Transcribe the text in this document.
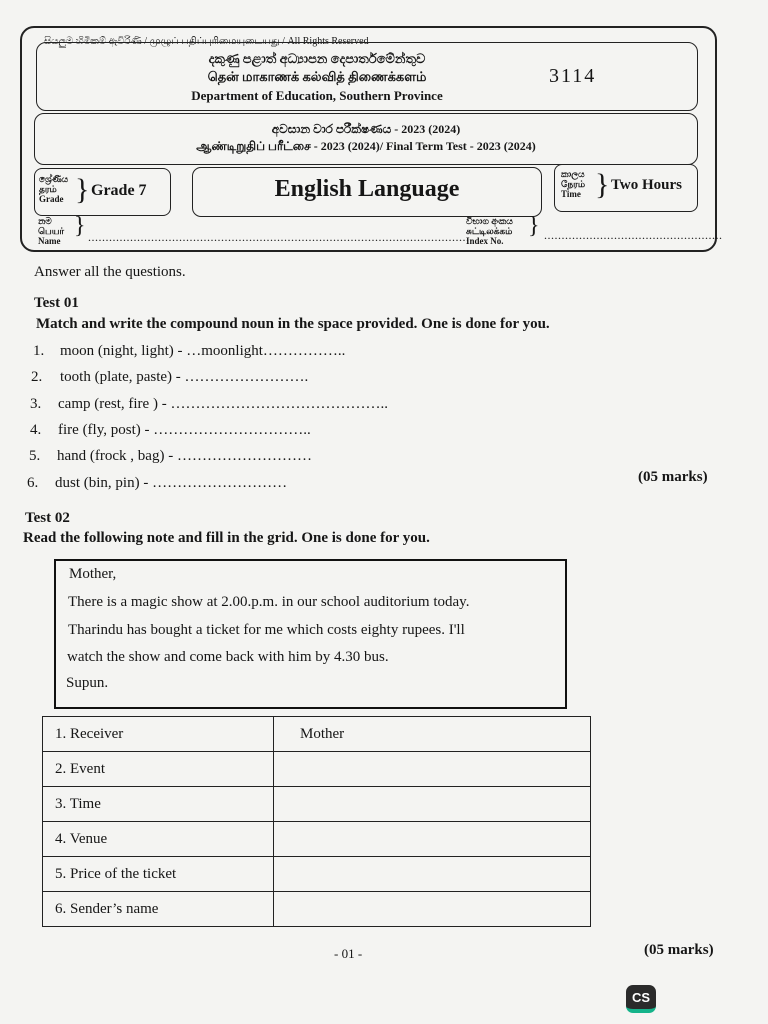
සියලුම හිමිකම් ඇවිරිණි / முழுப் பதிப்புரிமையுடையது / All Rights Reserved
දකුණු පළාත් අධ්‍යාපන දෙපාර්තමේන්තුව
தென் மாகாணக் கல்வித் திணைக்களம்
Department of Education, Southern Province
3114
අවසාන වාර පරීක්ෂණය - 2023 (2024)
ஆண்டிறுதிப் பரீட்சை - 2023 (2024)/ Final Term Test - 2023 (2024)
ශ්‍රේණිය
தரம்
Grade } Grade 7	English Language
කාලය
நேரம்
Time } Two Hours
නම
பெயர்
Name
} ..............................................................................................................
විභාග අංකය
சுட்டிலக்கம்
Index No.
} ...................................................
Answer all the questions.
Test 01
Match and write the compound noun in the space provided. One is done for you.
1. moon (night, light) - …moonlight……………..
2. tooth (plate, paste) - …………………….
3. camp (rest, fire ) - ……………………………………..
4. fire (fly, post) - …………………………..
5. hand (frock , bag) - ………………………
6. dust (bin, pin) - ………………………	(05 marks)
Test 02
Read the following note and fill in the grid. One is done for you.
Mother,
There is a magic show at 2.00.p.m. in our school auditorium today.
Tharindu has bought a ticket for me which costs eighty rupees. I'll
watch the show and come back with him by 4.30 bus.
Supun.
1. Receiver	Mother
2. Event	
3. Time	
4. Venue	
5. Price of the ticket	
6. Sender’s name	
(05 marks)
- 01 -
CS
